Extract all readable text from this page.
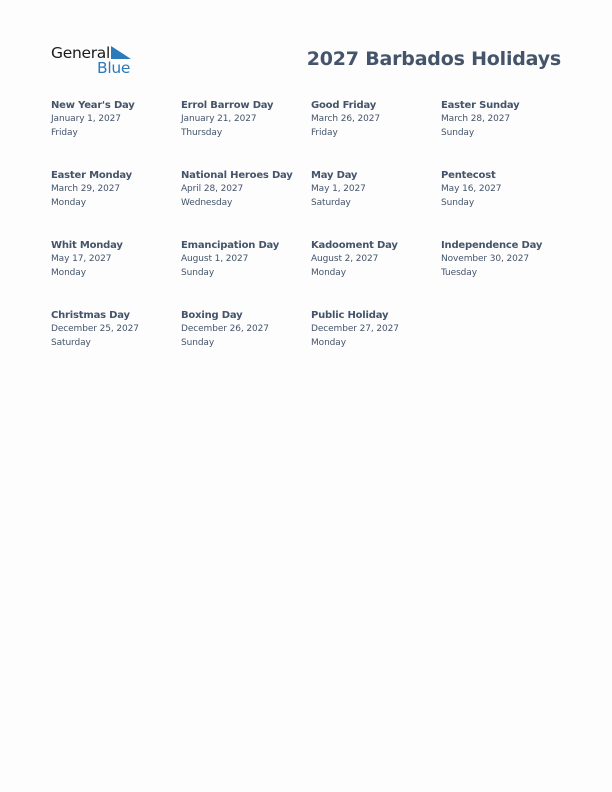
General
Blue	2027 Barbados Holidays
New Year's Day
January 1, 2027
Friday
Errol Barrow Day
January 21, 2027
Thursday
Good Friday
March 26, 2027
Friday
Easter Sunday
March 28, 2027
Sunday
Easter Monday
March 29, 2027
Monday
National Heroes Day
April 28, 2027
Wednesday
May Day
May 1, 2027
Saturday
Pentecost
May 16, 2027
Sunday
Whit Monday
May 17, 2027
Monday
Emancipation Day
August 1, 2027
Sunday
Kadooment Day
August 2, 2027
Monday
Independence Day
November 30, 2027
Tuesday
Christmas Day
December 25, 2027
Saturday
Boxing Day
December 26, 2027
Sunday
Public Holiday
December 27, 2027
Monday
